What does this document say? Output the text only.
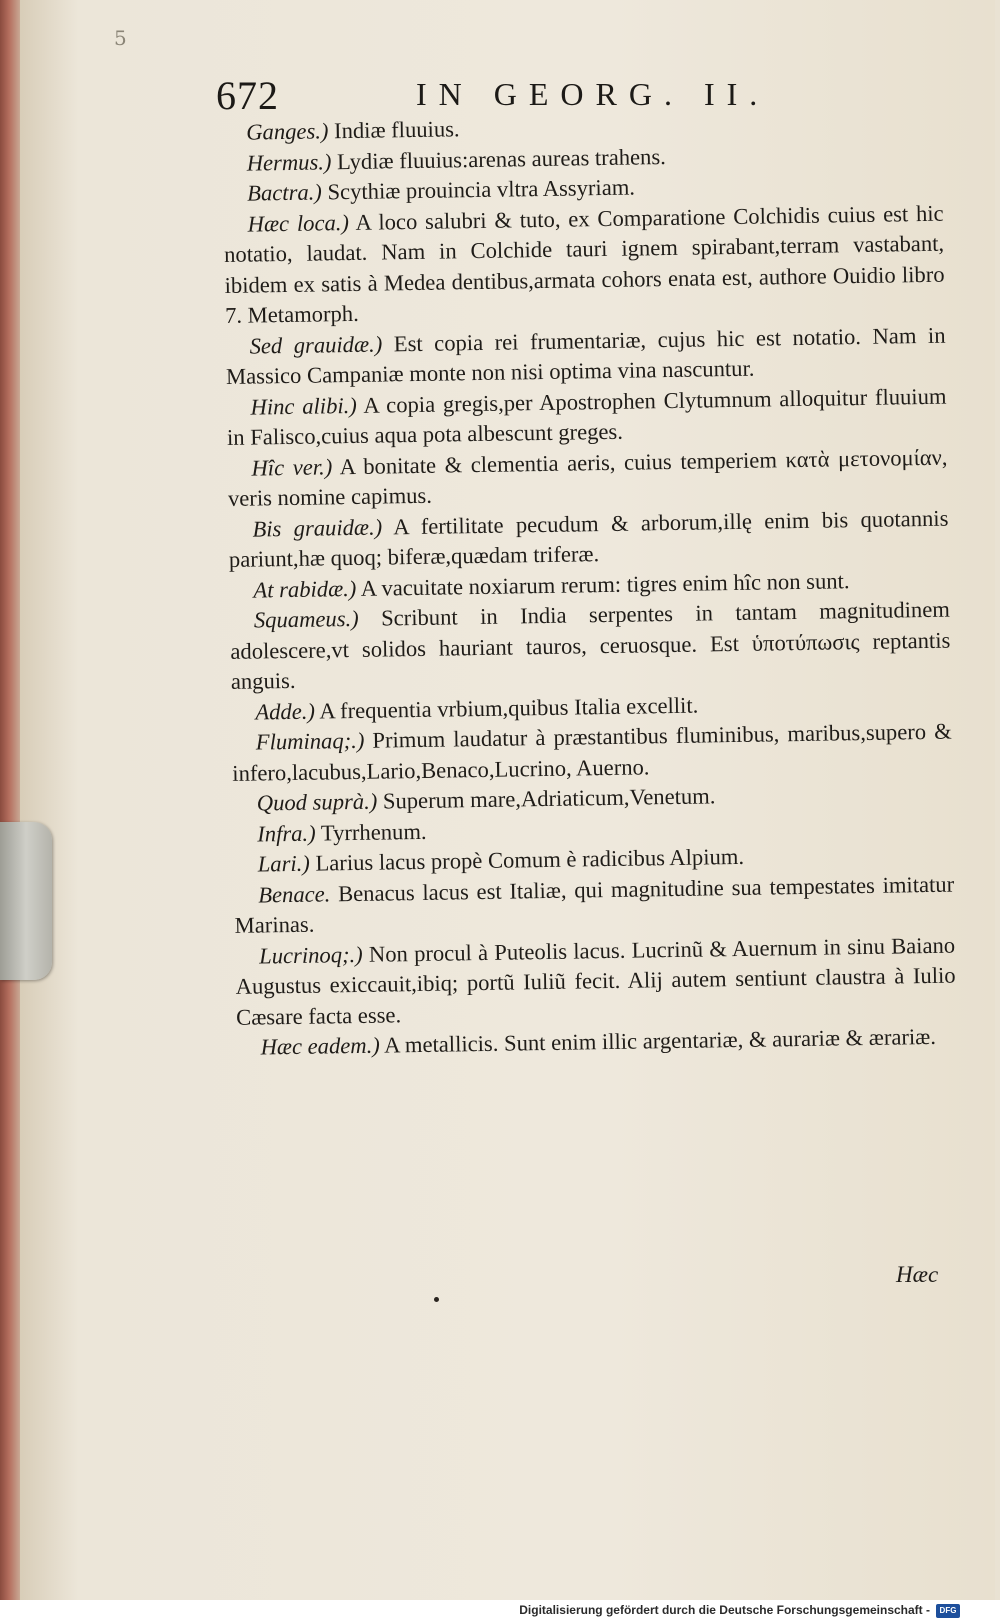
5
672	IN GEORG. II.

Ganges.) Indiæ fluuius.

Hermus.) Lydiæ fluuius:arenas aureas trahens.

Bactra.) Scythiæ prouincia vltra Assyriam.

Hæc loca.) A loco salubri & tuto, ex Comparatione Colchidis cuius est hic notatio, laudat. Nam in Colchide tauri ignem spirabant,terram vastabant, ibidem ex satis à Medea dentibus,armata cohors enata est, authore Ouidio libro 7. Metamorph.

Sed grauidæ.) Est copia rei frumentariæ, cujus hic est notatio. Nam in Massico Campaniæ monte non nisi optima vina nascuntur.

Hinc alibi.) A copia gregis,per Apostrophen Clytumnum alloquitur fluuium in Falisco,cuius aqua pota albescunt greges.

Hîc ver.) A bonitate & clementia aeris, cuius temperiem κατὰ μετονομίαν, veris nomine capimus.

Bis grauidæ.) A fertilitate pecudum & arborum,illę enim bis quotannis pariunt,hæ quoq; biferæ,quædam triferæ.

At rabidæ.) A vacuitate noxiarum rerum: tigres enim hîc non sunt.

Squameus.) Scribunt in India serpentes in tantam magnitudinem adolescere,vt solidos hauriant tauros, ceruosque. Est ὑποτύπωσις reptantis anguis.

Adde.) A frequentia vrbium,quibus Italia excellit.

Fluminaq;.) Primum laudatur à præstantibus fluminibus, maribus,supero & infero,lacubus,Lario,Benaco,Lucrino, Auerno.

Quod suprà.) Superum mare,Adriaticum,Venetum.

Infra.) Tyrrhenum.

Lari.) Larius lacus propè Comum è radicibus Alpium.

Benace. Benacus lacus est Italiæ, qui magnitudine sua tempestates imitatur Marinas.

Lucrinoq;.) Non procul à Puteolis lacus. Lucrinũ & Auernum in sinu Baiano Augustus exiccauit,ibiq; portũ Iuliũ fecit. Alij autem sentiunt claustra à Iulio Cæsare facta esse.

Hæc eadem.) A metallicis. Sunt enim illic argentariæ, & aurariæ & ærariæ.

Hæc
Digitalisierung gefördert durch die Deutsche Forschungsgemeinschaft -	DFG
